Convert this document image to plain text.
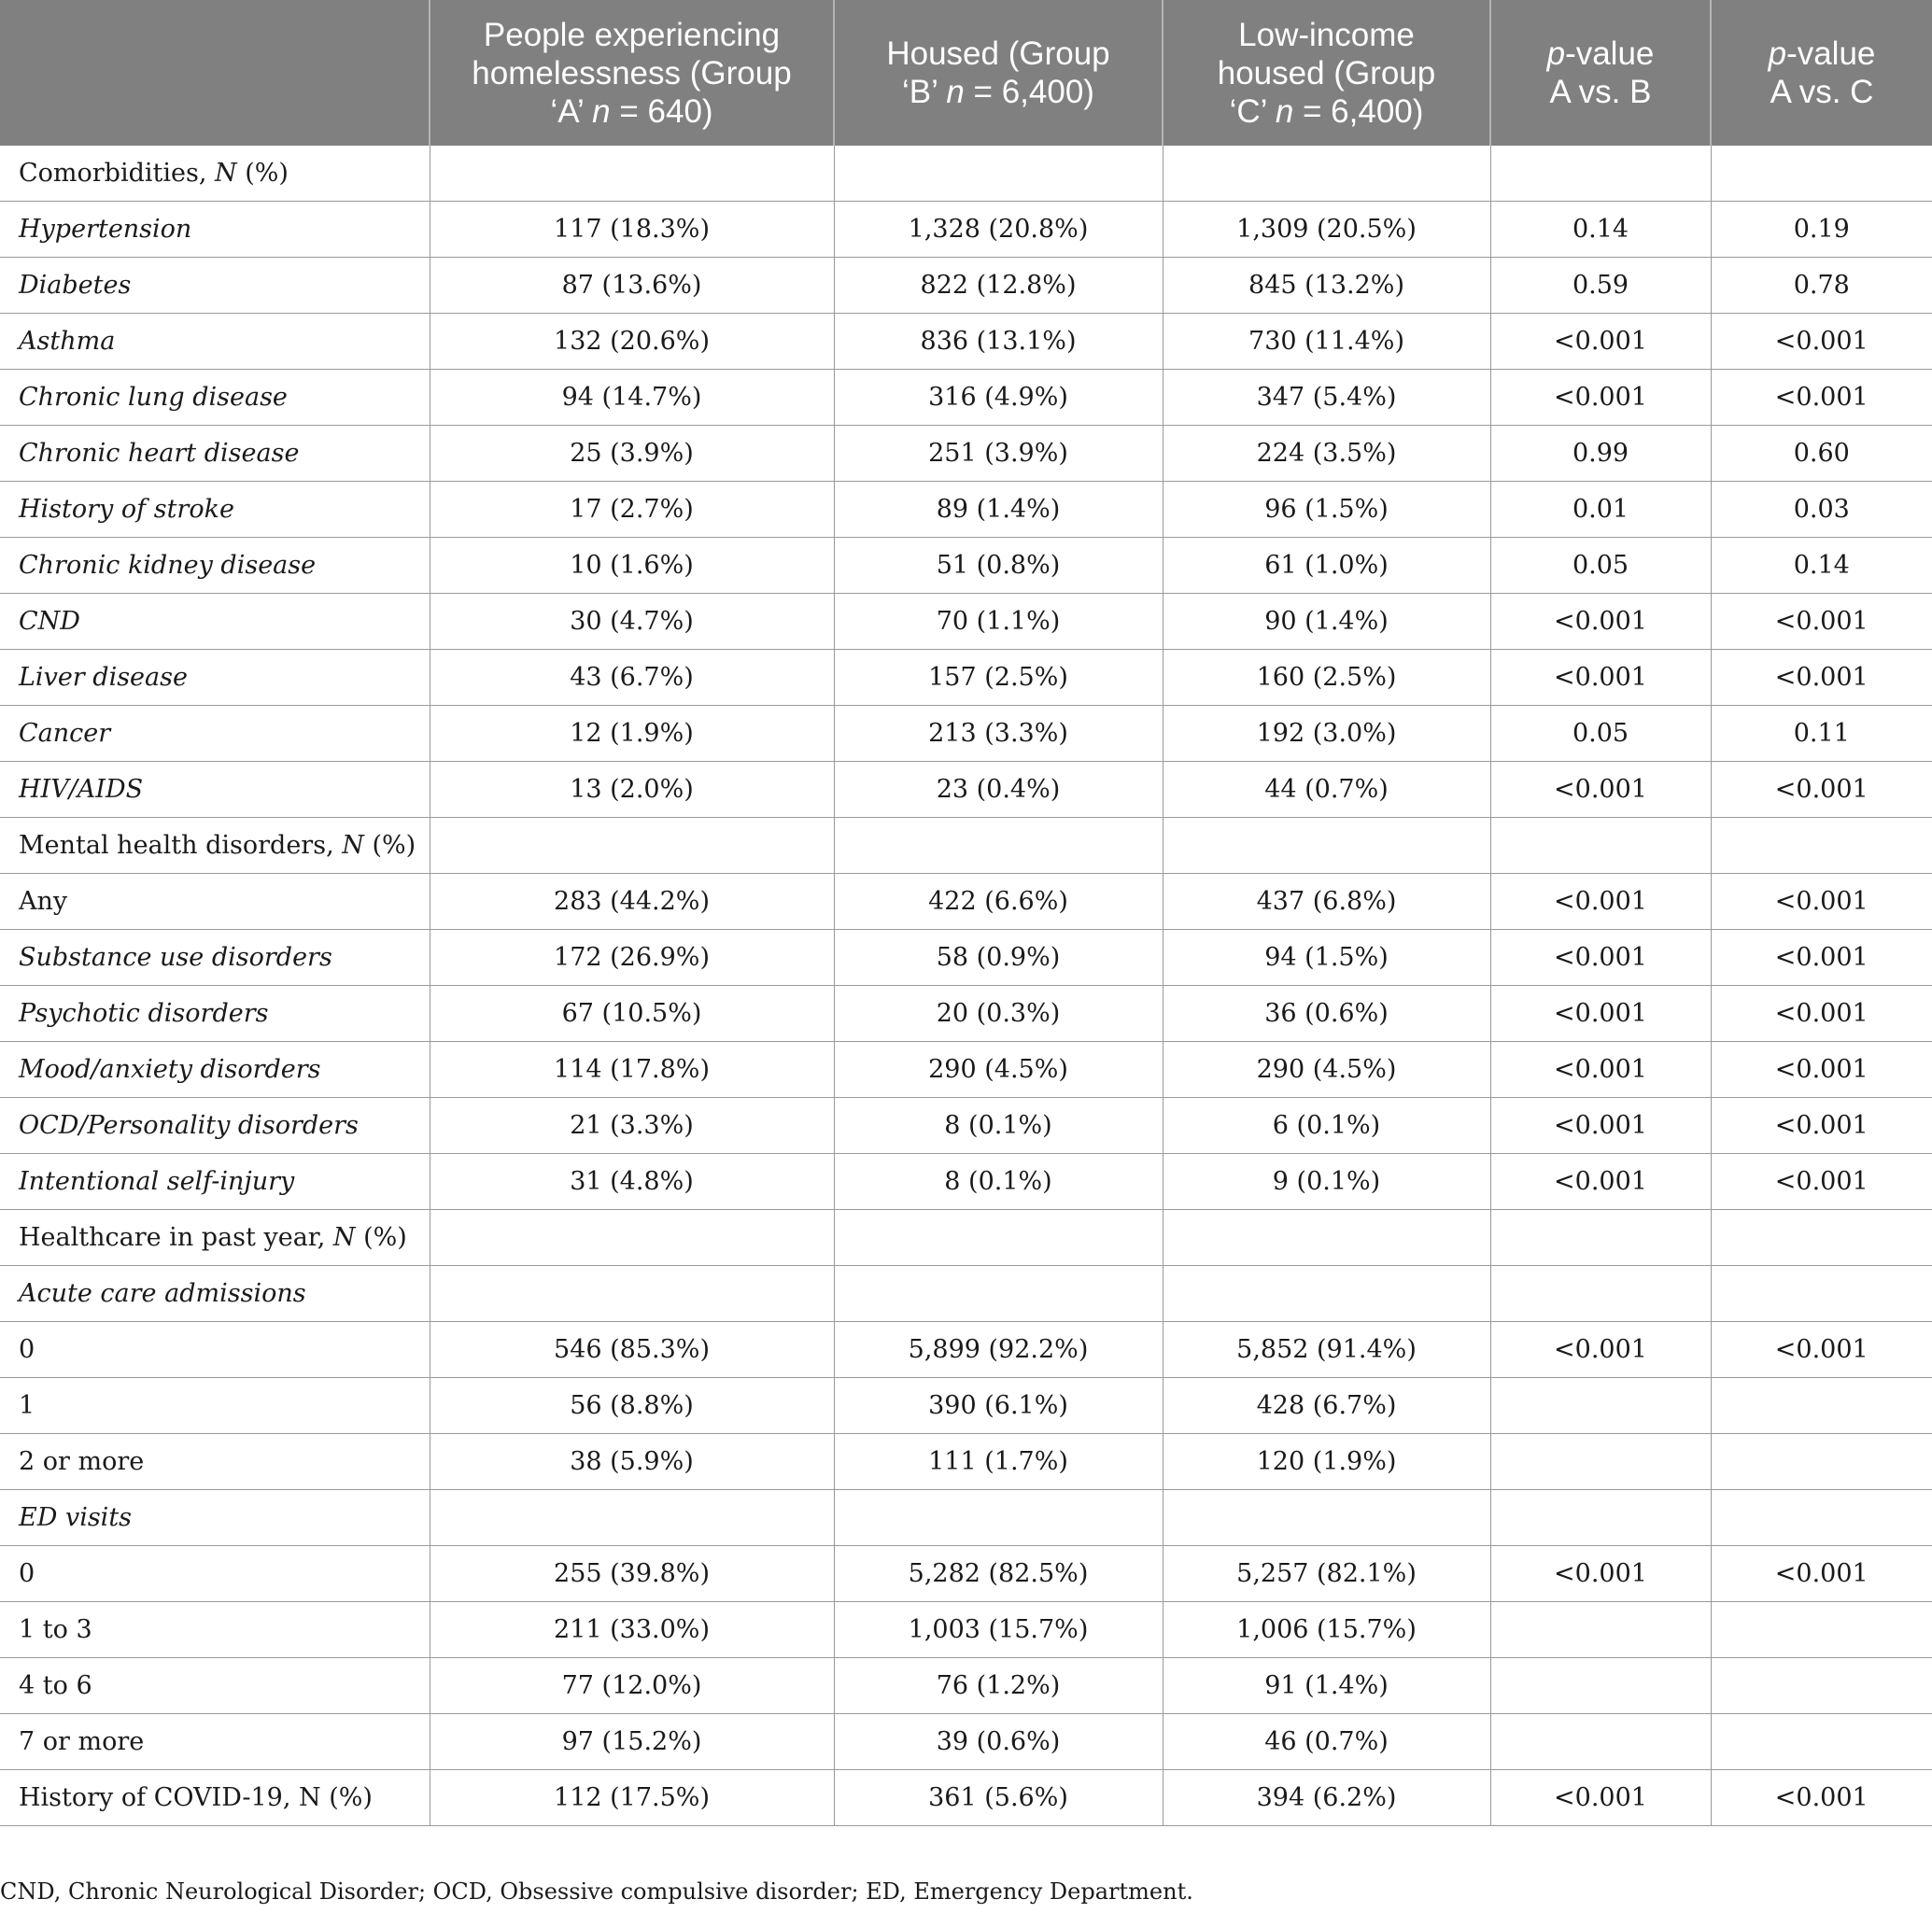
	People experiencing
homelessness (Group
‘A’ n = 640)	Housed (Group
‘B’ n = 6,400)	Low-income
housed (Group
‘C’ n = 6,400)	p-value
A vs. B	p-value
A vs. C
Comorbidities, N (%)					
Hypertension	117 (18.3%)	1,328 (20.8%)	1,309 (20.5%)	0.14	0.19
Diabetes	87 (13.6%)	822 (12.8%)	845 (13.2%)	0.59	0.78
Asthma	132 (20.6%)	836 (13.1%)	730 (11.4%)	<0.001	<0.001
Chronic lung disease	94 (14.7%)	316 (4.9%)	347 (5.4%)	<0.001	<0.001
Chronic heart disease	25 (3.9%)	251 (3.9%)	224 (3.5%)	0.99	0.60
History of stroke	17 (2.7%)	89 (1.4%)	96 (1.5%)	0.01	0.03
Chronic kidney disease	10 (1.6%)	51 (0.8%)	61 (1.0%)	0.05	0.14
CND	30 (4.7%)	70 (1.1%)	90 (1.4%)	<0.001	<0.001
Liver disease	43 (6.7%)	157 (2.5%)	160 (2.5%)	<0.001	<0.001
Cancer	12 (1.9%)	213 (3.3%)	192 (3.0%)	0.05	0.11
HIV/AIDS	13 (2.0%)	23 (0.4%)	44 (0.7%)	<0.001	<0.001
Mental health disorders, N (%)					
Any	283 (44.2%)	422 (6.6%)	437 (6.8%)	<0.001	<0.001
Substance use disorders	172 (26.9%)	58 (0.9%)	94 (1.5%)	<0.001	<0.001
Psychotic disorders	67 (10.5%)	20 (0.3%)	36 (0.6%)	<0.001	<0.001
Mood/anxiety disorders	114 (17.8%)	290 (4.5%)	290 (4.5%)	<0.001	<0.001
OCD/Personality disorders	21 (3.3%)	8 (0.1%)	6 (0.1%)	<0.001	<0.001
Intentional self-injury	31 (4.8%)	8 (0.1%)	9 (0.1%)	<0.001	<0.001
Healthcare in past year, N (%)					
Acute care admissions					
0	546 (85.3%)	5,899 (92.2%)	5,852 (91.4%)	<0.001	<0.001
1	56 (8.8%)	390 (6.1%)	428 (6.7%)		
2 or more	38 (5.9%)	111 (1.7%)	120 (1.9%)		
ED visits					
0	255 (39.8%)	5,282 (82.5%)	5,257 (82.1%)	<0.001	<0.001
1 to 3	211 (33.0%)	1,003 (15.7%)	1,006 (15.7%)		
4 to 6	77 (12.0%)	76 (1.2%)	91 (1.4%)		
7 or more	97 (15.2%)	39 (0.6%)	46 (0.7%)		
History of COVID-19, N (%)	112 (17.5%)	361 (5.6%)	394 (6.2%)	<0.001	<0.001
CND, Chronic Neurological Disorder; OCD, Obsessive compulsive disorder; ED, Emergency Department.
